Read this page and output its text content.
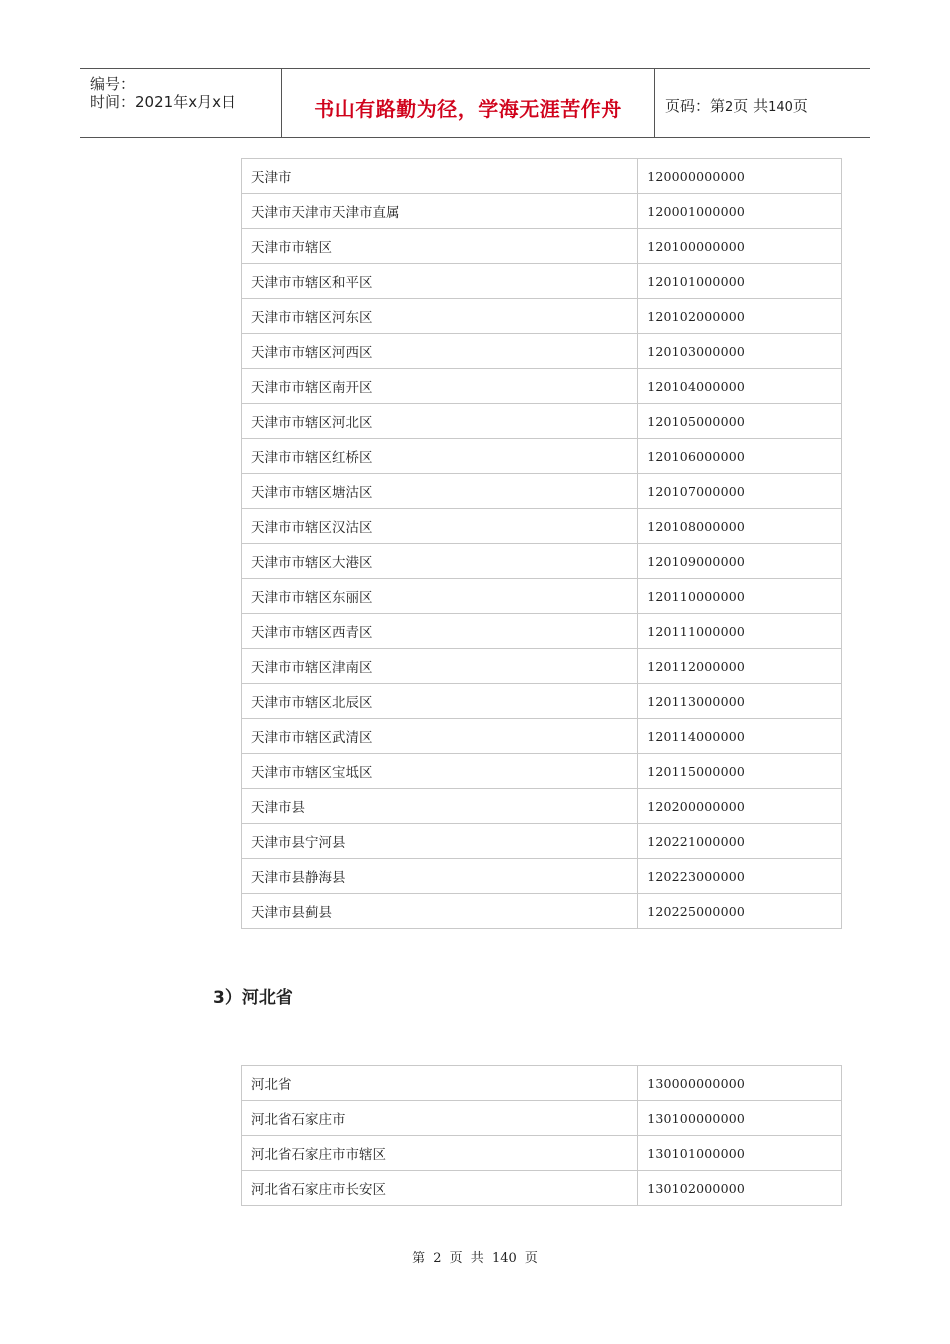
编号：
时间：2021年x月x日	书山有路勤为径，学海无涯苦作舟	页码：第2页 共140页
天津市	120000000000
天津市天津市天津市直属	120001000000
天津市市辖区	120100000000
天津市市辖区和平区	120101000000
天津市市辖区河东区	120102000000
天津市市辖区河西区	120103000000
天津市市辖区南开区	120104000000
天津市市辖区河北区	120105000000
天津市市辖区红桥区	120106000000
天津市市辖区塘沽区	120107000000
天津市市辖区汉沽区	120108000000
天津市市辖区大港区	120109000000
天津市市辖区东丽区	120110000000
天津市市辖区西青区	120111000000
天津市市辖区津南区	120112000000
天津市市辖区北辰区	120113000000
天津市市辖区武清区	120114000000
天津市市辖区宝坻区	120115000000
天津市县	120200000000
天津市县宁河县	120221000000
天津市县静海县	120223000000
天津市县蓟县	120225000000
3）河北省
河北省	130000000000
河北省石家庄市	130100000000
河北省石家庄市市辖区	130101000000
河北省石家庄市长安区	130102000000
第 2 页 共 140 页
